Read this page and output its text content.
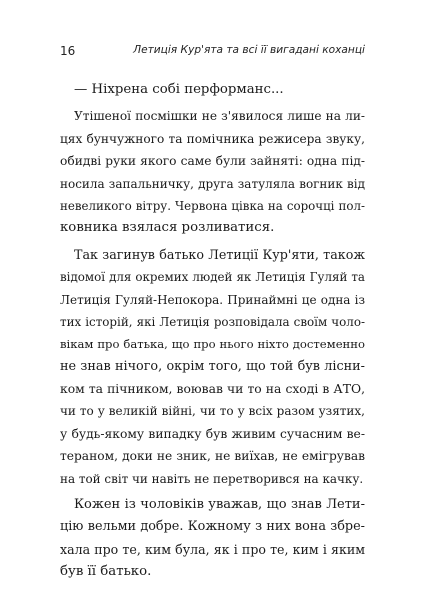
16	Летиція Кур'ята та всі її вигадані коханці
— Ніхрена собі перформанс...
Утішеної посмішки не з'явилося лише на ли-
цях бунчужного та помічника режисера звуку,
обидві руки якого саме були зайняті: одна під-
носила запальничку, друга затуляла вогник від
невеликого вітру. Червона цівка на сорочці пол-
ковника взялася розливатися.
Так загинув батько Летиції Кур'яти, також
відомої для окремих людей як Летиція Гуляй та
Летиція Гуляй-Непокора. Принаймні це одна із
тих історій, які Летиція розповідала своїм чоло-
вікам про батька, що про нього ніхто достеменно
не знав нічого, окрім того, що той був лісни-
ком та пічником, воював чи то на сході в АТО,
чи то у великій війні, чи то у всіх разом узятих,
у будь-якому випадку був живим сучасним ве-
тераном, доки не зник, не виїхав, не емігрував
на той світ чи навіть не перетворився на качку.
Кожен із чоловіків уважав, що знав Лети-
цію вельми добре. Кожному з них вона збре-
хала про те, ким була, як і про те, ким і яким
був її батько.
